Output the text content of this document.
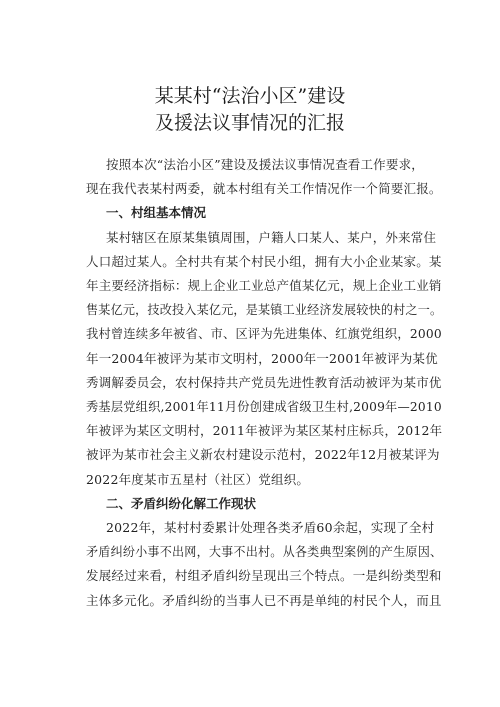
某某村“法治小区”建设
及援法议事情况的汇报
按照本次“法治小区”建设及援法议事情况查看工作要求，
现在我代表某村两委，就本村组有关工作情况作一个简要汇报。
一、村组基本情况
某村辖区在原某集镇周围，户籍人口某人、某户，外来常住
人口超过某人。全村共有某个村民小组，拥有大小企业某家。某
年主要经济指标：规上企业工业总产值某亿元，规上企业工业销
售某亿元，技改投入某亿元，是某镇工业经济发展较快的村之一。
我村曾连续多年被省、市、区评为先进集体、红旗党组织，2000
年一2004年被评为某市文明村，2000年一2001年被评为某优
秀调解委员会，农村保持共产党员先进性教育活动被评为某市优
秀基层党组织,2001年11月份创建成省级卫生村,2009年—2010
年被评为某区文明村，2011年被评为某区某村庄标兵，2012年
被评为某市社会主义新农村建设示范村，2022年12月被某评为
2022年度某市五星村（社区）党组织。
二、矛盾纠纷化解工作现状
2022年，某村村委累计处理各类矛盾60余起，实现了全村
矛盾纠纷小事不出网，大事不出村。从各类典型案例的产生原因、
发展经过来看，村组矛盾纠纷呈现出三个特点。一是纠纷类型和
主体多元化。矛盾纠纷的当事人已不再是单纯的村民个人，而且
